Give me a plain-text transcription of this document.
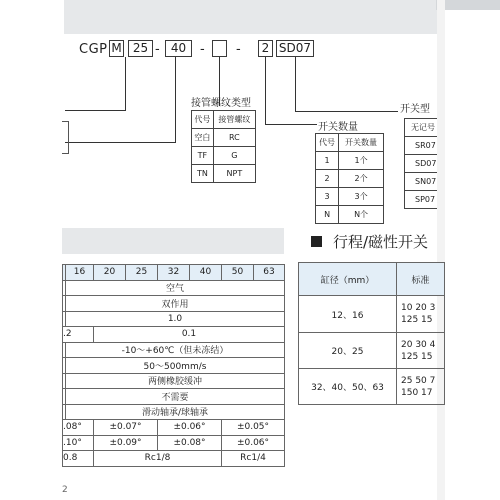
CGP M 25 - 40	- -	2 SD07
接管螺纹类型
代号	接管螺纹
空白	RC
TF	G
TN	NPT
开关数量
代号	开关数量
1	1个
2	2个
3	3个
N	N个
开关型
无记号
SR07
SD07
SN07
SP07
行程/磁性开关
	16	20	25	32	40	50	63
	空气						
	双作用						
	1.0						
.2		0.1					
	-10～+60℃（但未冻结）						
	50～500mm/s						
	两侧橡胶缓冲						
	不需要						
	滑动轴承/球轴承						
.08°		±0.07°		±0.06°		±0.05°	
.10°		±0.09°		±0.08°		±0.06°	
0.8		Rc1/8				Rc1/4	
缸径（mm）	标准
12、16	10 20 3
125 15
20、25	20 30 4
125 15
32、40、50、63	25 50 7
150 17
2
